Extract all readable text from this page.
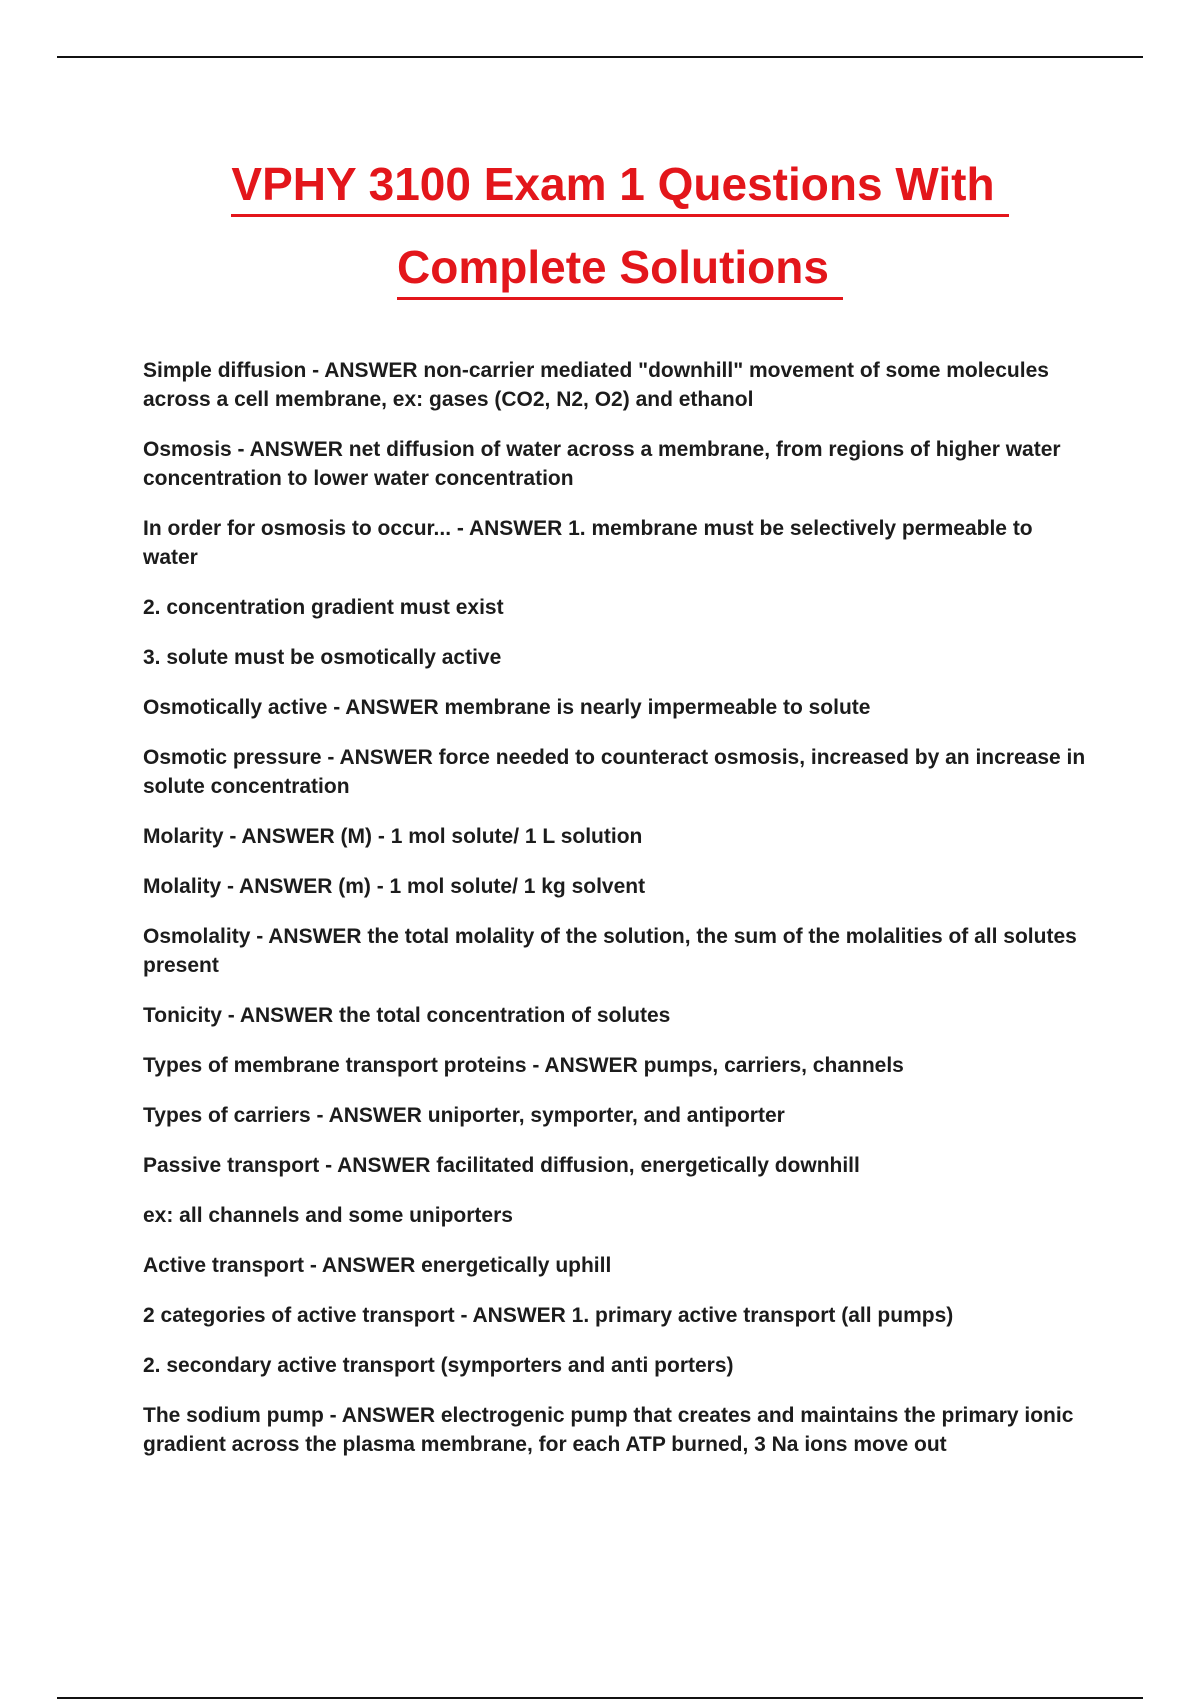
VPHY 3100 Exam 1 Questions With
Complete Solutions

Simple diffusion - ANSWER non-carrier mediated "downhill" movement of some molecules across a cell membrane, ex: gases (CO2, N2, O2) and ethanol

Osmosis - ANSWER net diffusion of water across a membrane, from regions of higher water concentration to lower water concentration

In order for osmosis to occur... - ANSWER 1. membrane must be selectively permeable to water

2. concentration gradient must exist

3. solute must be osmotically active

Osmotically active - ANSWER membrane is nearly impermeable to solute

Osmotic pressure - ANSWER force needed to counteract osmosis, increased by an increase in solute concentration

Molarity - ANSWER (M) - 1 mol solute/ 1 L solution

Molality - ANSWER (m) - 1 mol solute/ 1 kg solvent

Osmolality - ANSWER the total molality of the solution, the sum of the molalities of all solutes present

Tonicity - ANSWER the total concentration of solutes

Types of membrane transport proteins - ANSWER pumps, carriers, channels

Types of carriers - ANSWER uniporter, symporter, and antiporter

Passive transport - ANSWER facilitated diffusion, energetically downhill

ex: all channels and some uniporters

Active transport - ANSWER energetically uphill

2 categories of active transport - ANSWER 1. primary active transport (all pumps)

2. secondary active transport (symporters and anti porters)

The sodium pump - ANSWER electrogenic pump that creates and maintains the primary ionic gradient across the plasma membrane, for each ATP burned, 3 Na ions move out
